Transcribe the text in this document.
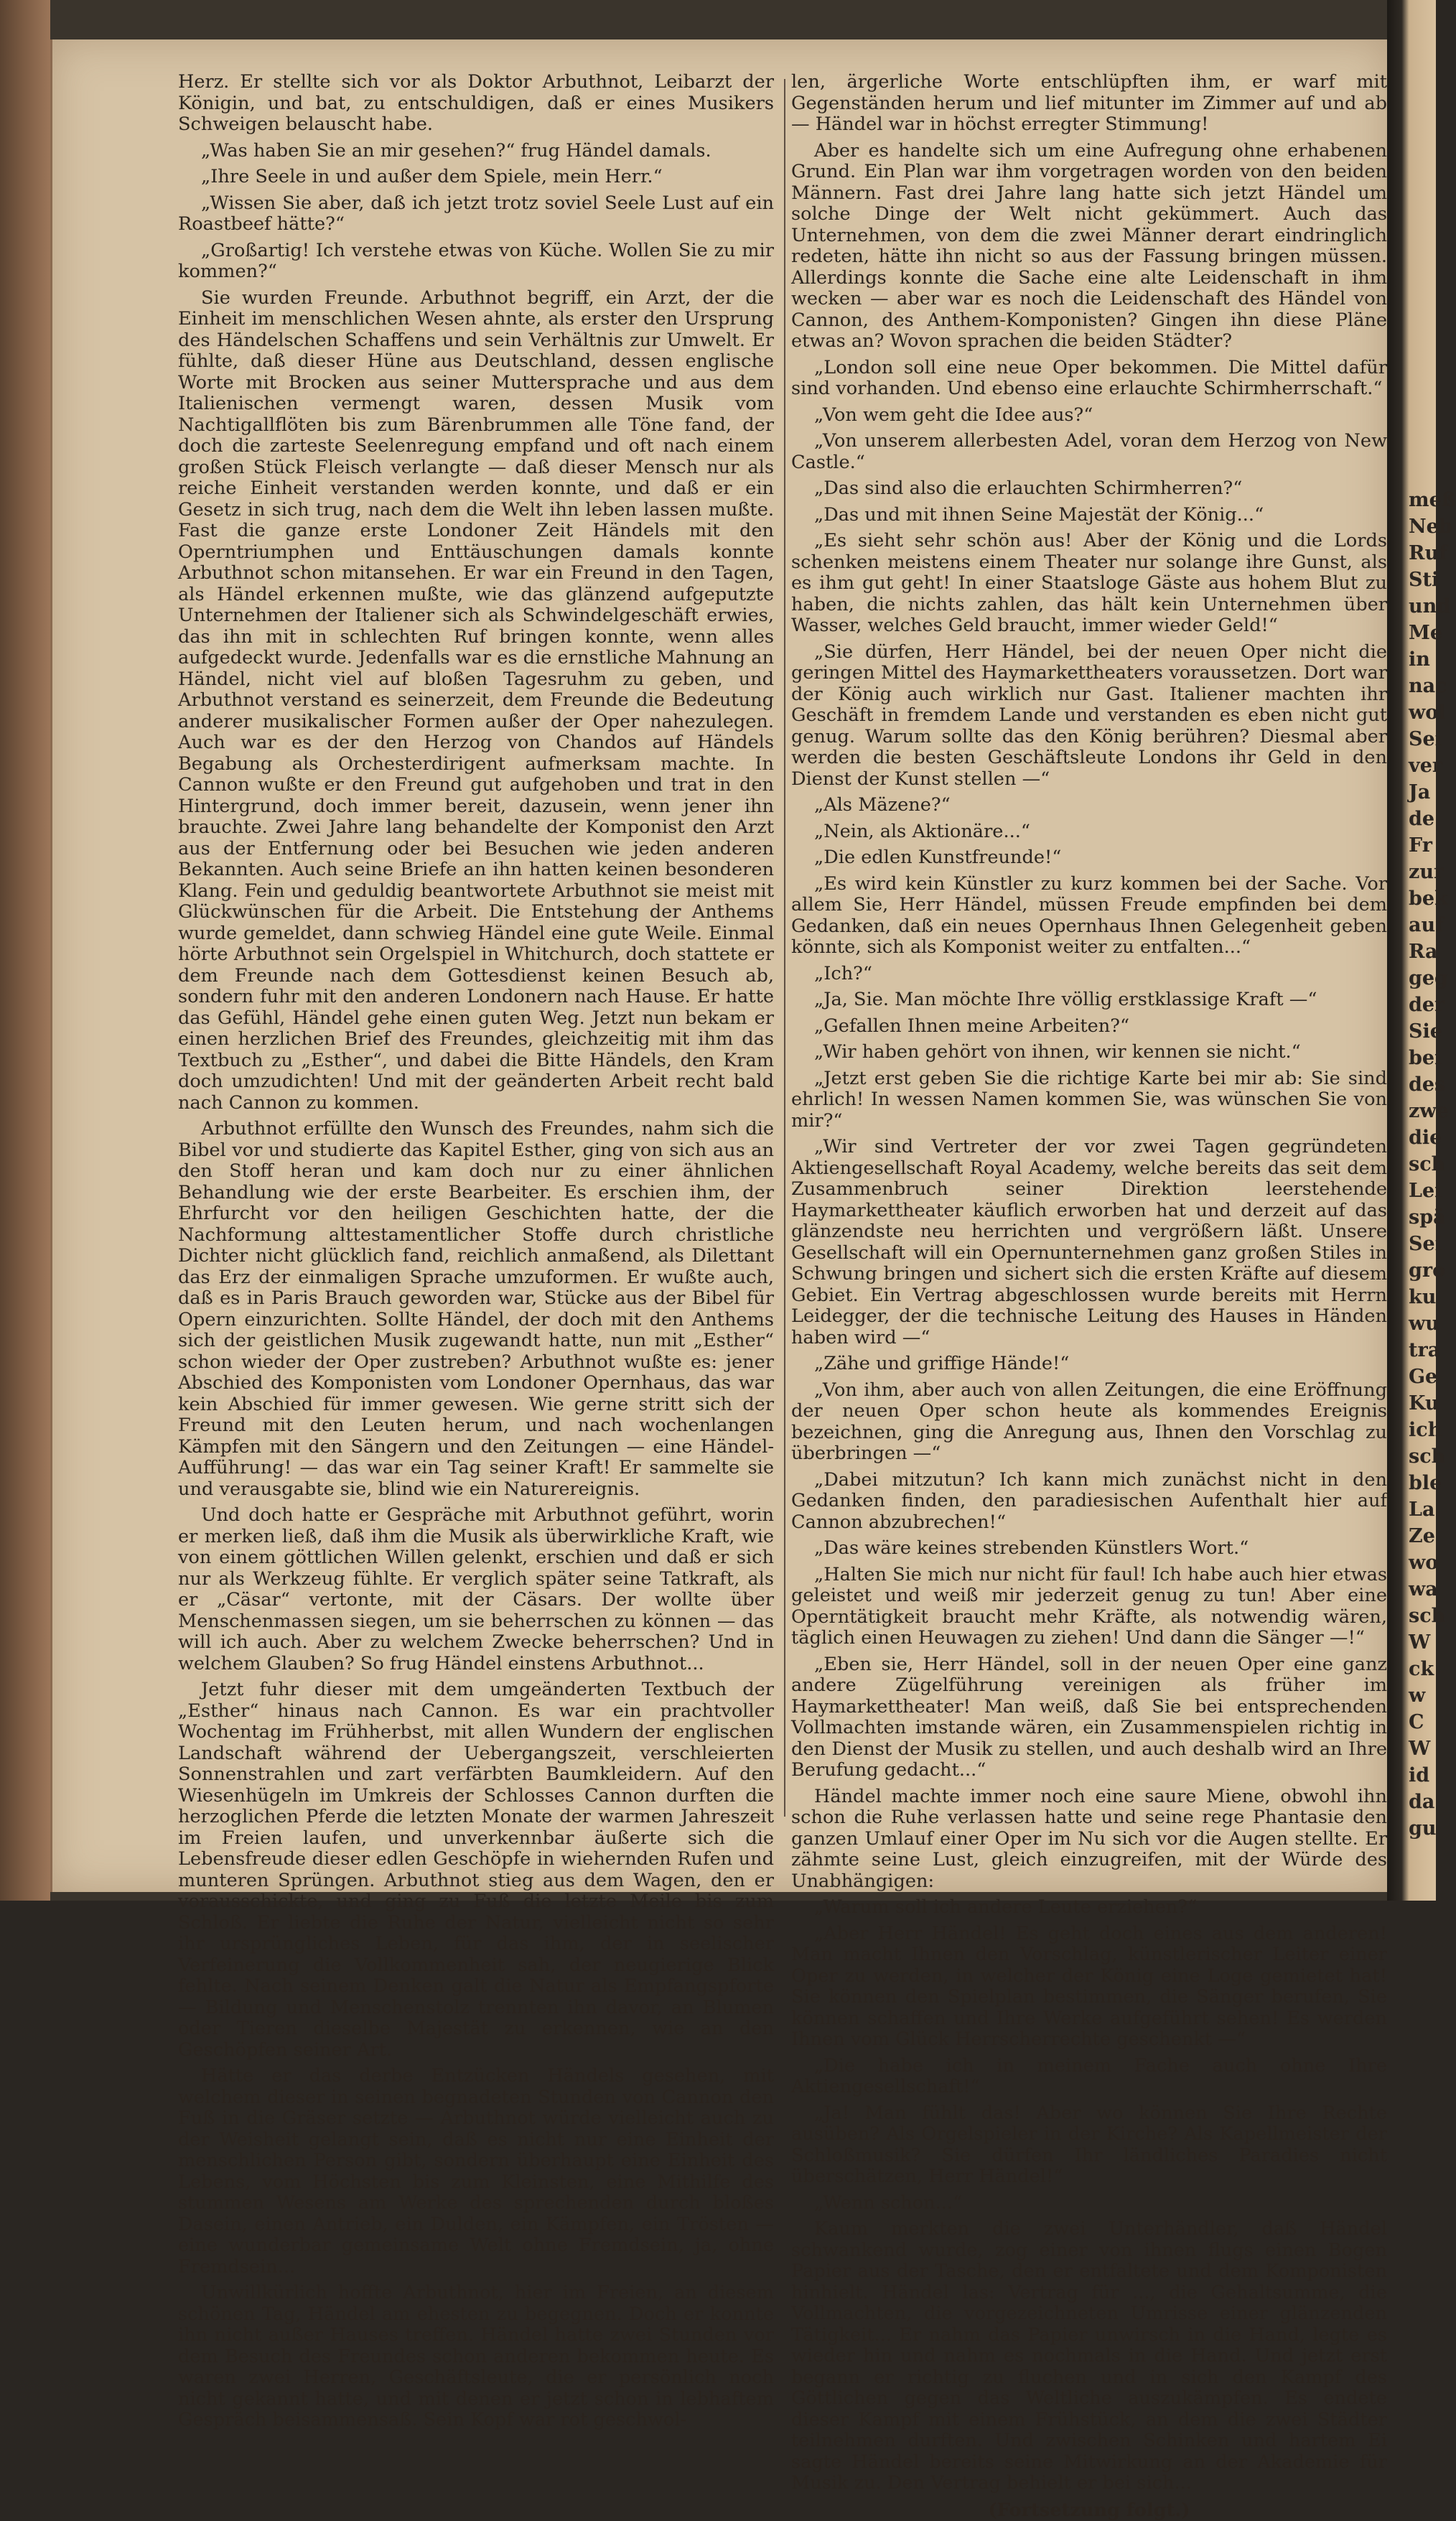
Herz. Er stellte sich vor als Doktor Arbuthnot, Leibarzt der Königin, und bat, zu entschuldigen, daß er eines Musikers Schweigen belauscht habe.

„Was haben Sie an mir gesehen?“ frug Händel damals.

„Ihre Seele in und außer dem Spiele, mein Herr.“

„Wissen Sie aber, daß ich jetzt trotz soviel Seele Lust auf ein Roastbeef hätte?“

„Großartig! Ich verstehe etwas von Küche. Wollen Sie zu mir kommen?“

Sie wurden Freunde. Arbuthnot begriff, ein Arzt, der die Einheit im menschlichen Wesen ahnte, als erster den Ursprung des Händelschen Schaffens und sein Verhältnis zur Umwelt. Er fühlte, daß dieser Hüne aus Deutschland, dessen englische Worte mit Brocken aus seiner Muttersprache und aus dem Italienischen vermengt waren, dessen Musik vom Nachtigallflöten bis zum Bärenbrummen alle Töne fand, der doch die zarteste Seelenregung empfand und oft nach einem großen Stück Fleisch verlangte — daß dieser Mensch nur als reiche Einheit verstanden werden konnte, und daß er ein Gesetz in sich trug, nach dem die Welt ihn leben lassen mußte. Fast die ganze erste Londoner Zeit Händels mit den Operntriumphen und Enttäuschungen damals konnte Arbuthnot schon mitansehen. Er war ein Freund in den Tagen, als Händel erkennen mußte, wie das glänzend aufgeputzte Unternehmen der Italiener sich als Schwindelgeschäft erwies, das ihn mit in schlechten Ruf bringen konnte, wenn alles aufgedeckt wurde. Jedenfalls war es die ernstliche Mahnung an Händel, nicht viel auf bloßen Tagesruhm zu geben, und Arbuthnot verstand es seinerzeit, dem Freunde die Bedeutung anderer musikalischer Formen außer der Oper nahezulegen. Auch war es der den Herzog von Chandos auf Händels Begabung als Orchesterdirigent aufmerksam machte. In Cannon wußte er den Freund gut aufgehoben und trat in den Hintergrund, doch immer bereit, dazusein, wenn jener ihn brauchte. Zwei Jahre lang behandelte der Komponist den Arzt aus der Entfernung oder bei Besuchen wie jeden anderen Bekannten. Auch seine Briefe an ihn hatten keinen besonderen Klang. Fein und geduldig beantwortete Arbuthnot sie meist mit Glückwünschen für die Arbeit. Die Entstehung der Anthems wurde gemeldet, dann schwieg Händel eine gute Weile. Einmal hörte Arbuthnot sein Orgelspiel in Whitchurch, doch stattete er dem Freunde nach dem Gottesdienst keinen Besuch ab, sondern fuhr mit den anderen Londonern nach Hause. Er hatte das Gefühl, Händel gehe einen guten Weg. Jetzt nun bekam er einen herzlichen Brief des Freundes, gleichzeitig mit ihm das Textbuch zu „Esther“, und dabei die Bitte Händels, den Kram doch umzudichten! Und mit der geänderten Arbeit recht bald nach Cannon zu kommen.

Arbuthnot erfüllte den Wunsch des Freundes, nahm sich die Bibel vor und studierte das Kapitel Esther, ging von sich aus an den Stoff heran und kam doch nur zu einer ähnlichen Behandlung wie der erste Bearbeiter. Es erschien ihm, der Ehrfurcht vor den heiligen Geschichten hatte, der die Nachformung alttestamentlicher Stoffe durch christliche Dichter nicht glücklich fand, reichlich anmaßend, als Dilettant das Erz der einmaligen Sprache umzuformen. Er wußte auch, daß es in Paris Brauch geworden war, Stücke aus der Bibel für Opern einzurichten. Sollte Händel, der doch mit den Anthems sich der geistlichen Musik zugewandt hatte, nun mit „Esther“ schon wieder der Oper zustreben? Arbuthnot wußte es: jener Abschied des Komponisten vom Londoner Opernhaus, das war kein Abschied für immer gewesen. Wie gerne stritt sich der Freund mit den Leuten herum, und nach wochenlangen Kämpfen mit den Sängern und den Zeitungen — eine Händel-Aufführung! — das war ein Tag seiner Kraft! Er sammelte sie und verausgabte sie, blind wie ein Naturereignis.

Und doch hatte er Gespräche mit Arbuthnot geführt, worin er merken ließ, daß ihm die Musik als überwirkliche Kraft, wie von einem göttlichen Willen gelenkt, erschien und daß er sich nur als Werkzeug fühlte. Er verglich später seine Tatkraft, als er „Cäsar“ vertonte, mit der Cäsars. Der wollte über Menschenmassen siegen, um sie beherrschen zu können — das will ich auch. Aber zu welchem Zwecke beherrschen? Und in welchem Glauben? So frug Händel einstens Arbuthnot...

Jetzt fuhr dieser mit dem umgeänderten Textbuch der „Esther“ hinaus nach Cannon. Es war ein prachtvoller Wochentag im Frühherbst, mit allen Wundern der englischen Landschaft während der Uebergangszeit, verschleierten Sonnenstrahlen und zart verfärbten Baumkleidern. Auf den Wiesenhügeln im Umkreis der Schlosses Cannon durften die herzoglichen Pferde die letzten Monate der warmen Jahreszeit im Freien laufen, und unverkennbar äußerte sich die Lebensfreude dieser edlen Geschöpfe in wiehernden Rufen und munteren Sprüngen. Arbuthnot stieg aus dem Wagen, den er vorausschickte, und ging zu Fuß die letzte Meile bis zum Schloß. Er liebte die Ruhe der Natur, vielleicht nicht so sehr ihr ursprüngliches Leben, für das ihm, der in seelischer Verfeinerung die Vollkommenheit sah, der neugierige Blick fehlte. Nach seinem Denken galt die Natur als Empfangspforte — Bildung und Menschenstolz trennten ihn davor, an Blumen oder Tieren dieselbe Majestät zu erkennen, wie an den Geschöpfen seiner Art.

Hätte er das derbe Entzücken Händels gesehen, mit welchem dieser in seinen begnadeten Stunden von Cannon den Fuß in die Gräser setzte — Arbuthnot würde vielleicht auch zu der Weisheit gelangt sein, daß es nicht nur eine Einheit der menschlichen Person gibt, sondern überhaupt eine Einheit des Lebens, vom Höchsten bis zum Kleinsten, eine Mithilfe des stummen Wesens am Werke des sprechenden durch bloßes Dasein, einen Antrieb, ein Dulden, ein Kämpfen, ein Trösten — eine wunderbar gemeinsame Welt ohne Fremdsein, ja, ohne Fremdsein...

Unwillkürlich hoffte Arbuthnot, hier im Freien, an diesem schönen Tag, Händel am ehesten zu begegnen. Doch er konnte ihn nicht außer Hauses treffen. Händel hatte zwei Stunden vor dem Besuch des Freundes schon anderen bekommen heute. Es waren zwei Herren, Geschäftsleute, die er persönlich noch nicht gekannt hatte, und mit denen er jetzt schon in lebhaftem Gespräch beisammensaß. Sein Kopf war rot geschwol-

len, ärgerliche Worte entschlüpften ihm, er warf mit Gegenständen herum und lief mitunter im Zimmer auf und ab — Händel war in höchst erregter Stimmung!

Aber es handelte sich um eine Aufregung ohne erhabenen Grund. Ein Plan war ihm vorgetragen worden von den beiden Männern. Fast drei Jahre lang hatte sich jetzt Händel um solche Dinge der Welt nicht gekümmert. Auch das Unternehmen, von dem die zwei Männer derart eindringlich redeten, hätte ihn nicht so aus der Fassung bringen müssen. Allerdings konnte die Sache eine alte Leidenschaft in ihm wecken — aber war es noch die Leidenschaft des Händel von Cannon, des Anthem-Komponisten? Gingen ihn diese Pläne etwas an? Wovon sprachen die beiden Städter?

„London soll eine neue Oper bekommen. Die Mittel dafür sind vorhanden. Und ebenso eine erlauchte Schirmherrschaft.“

„Von wem geht die Idee aus?“

„Von unserem allerbesten Adel, voran dem Herzog von New Castle.“

„Das sind also die erlauchten Schirmherren?“

„Das und mit ihnen Seine Majestät der König...“

„Es sieht sehr schön aus! Aber der König und die Lords schenken meistens einem Theater nur solange ihre Gunst, als es ihm gut geht! In einer Staatsloge Gäste aus hohem Blut zu haben, die nichts zahlen, das hält kein Unternehmen über Wasser, welches Geld braucht, immer wieder Geld!“

„Sie dürfen, Herr Händel, bei der neuen Oper nicht die geringen Mittel des Haymarkettheaters voraussetzen. Dort war der König auch wirklich nur Gast. Italiener machten ihr Geschäft in fremdem Lande und verstanden es eben nicht gut genug. Warum sollte das den König berühren? Diesmal aber werden die besten Geschäftsleute Londons ihr Geld in den Dienst der Kunst stellen —“

„Als Mäzene?“

„Nein, als Aktionäre...“

„Die edlen Kunstfreunde!“

„Es wird kein Künstler zu kurz kommen bei der Sache. Vor allem Sie, Herr Händel, müssen Freude empfinden bei dem Gedanken, daß ein neues Opernhaus Ihnen Gelegenheit geben könnte, sich als Komponist weiter zu entfalten...“

„Ich?“

„Ja, Sie. Man möchte Ihre völlig erstklassige Kraft —“

„Gefallen Ihnen meine Arbeiten?“

„Wir haben gehört von ihnen, wir kennen sie nicht.“

„Jetzt erst geben Sie die richtige Karte bei mir ab: Sie sind ehrlich! In wessen Namen kommen Sie, was wünschen Sie von mir?“

„Wir sind Vertreter der vor zwei Tagen gegründeten Aktiengesellschaft Royal Academy, welche bereits das seit dem Zusammenbruch seiner Direktion leerstehende Haymarkettheater käuflich erworben hat und derzeit auf das glänzendste neu herrichten und vergrößern läßt. Unsere Gesellschaft will ein Opernunternehmen ganz großen Stiles in Schwung bringen und sichert sich die ersten Kräfte auf diesem Gebiet. Ein Vertrag abgeschlossen wurde bereits mit Herrn Leidegger, der die technische Leitung des Hauses in Händen haben wird —“

„Zähe und griffige Hände!“

„Von ihm, aber auch von allen Zeitungen, die eine Eröffnung der neuen Oper schon heute als kommendes Ereignis bezeichnen, ging die Anregung aus, Ihnen den Vorschlag zu überbringen —“

„Dabei mitzutun? Ich kann mich zunächst nicht in den Gedanken finden, den paradiesischen Aufenthalt hier auf Cannon abzubrechen!“

„Das wäre keines strebenden Künstlers Wort.“

„Halten Sie mich nur nicht für faul! Ich habe auch hier etwas geleistet und weiß mir jederzeit genug zu tun! Aber eine Operntätigkeit braucht mehr Kräfte, als notwendig wären, täglich einen Heuwagen zu ziehen! Und dann die Sänger —!“

„Eben sie, Herr Händel, soll in der neuen Oper eine ganz andere Zügelführung vereinigen als früher im Haymarkettheater! Man weiß, daß Sie bei entsprechenden Vollmachten imstande wären, ein Zusammenspielen richtig in den Dienst der Musik zu stellen, und auch deshalb wird an Ihre Berufung gedacht...“

Händel machte immer noch eine saure Miene, obwohl ihn schon die Ruhe verlassen hatte und seine rege Phantasie den ganzen Umlauf einer Oper im Nu sich vor die Augen stellte. Er zähmte seine Lust, gleich einzugreifen, mit der Würde des Unabhängigen:

„Warum soll ich andere Leute erziehen?“

„Aber Herr Händel! Es geht doch eines aus dem anderen! Man macht Ihnen den Vorschlag, künstlerischer Leiter einer Oper zu werden, in welcher der König eine Loge gemietet hat! Sie können den Spielplan bestimmen, die Sänger berufen, Sie können schaffen und Ihre Werke aufgeführt sehen! Es werden Ihnen vom Glück Herrscherrechte geschenkt —“

„Die habe ich in meinem Fache auch ohne Ihre Aktiengesellschaft!“

„Ja! Man fühlt das! Aber wo können Sie Ihre Rechte ausüben? Als Orgelspieler in der Kirche? Als Kapellmeister der Schloßmusik? Sie dürfen Ihr ländliches Paradies nicht überschätzen, Herr Händel!“

„Wenn schon...“

Kaum merkten die zwei Unterhändler, daß Händel schwankend wurde, zog einer von ihnen flugs einen Bogen Papier aus der Tasche, den er entfaltete und dem Komponisten hinhielt. Händel las: Vertrag für ..., die Gehaltsumme, die Vollmachten, die vorgezeichneten Umrisse einer glänzenden Tätigkeit... Er nahm das Papier unwirsch in die Hand, legte es wieder hin und nahm es nochmals in die Hand. Und jetzt erst begann er richtig zu fluchen und in sich den Kampf des Göttlichen gegen das Weltliche auszukämpfen. Es endete dieser Kampf mit einem Frühstück, an dem die zwei Städter teilnehmen durften. Und zwischen Schinken und hartem Ei sagte Händel bereits seine Mitwirkung an der Akademie für Musik zu. Den Vertrag behielt er bei sich...

(Fortsetzung folgt.)

meß
Neb
Ruf
Sti
und
Me
in
nac
wol
Sei
ver
Ja
de
Fr
zur
bek
auf
Ra
geg
der
Sie
bei
des
zwe
die
sch
Lei
spä
Sei
gro
ku
wu
tra
Ge
Ku
ich
sch
ble
La
Ze
wo
wa
sch
W
ck
w
C
W
id
da
gu
